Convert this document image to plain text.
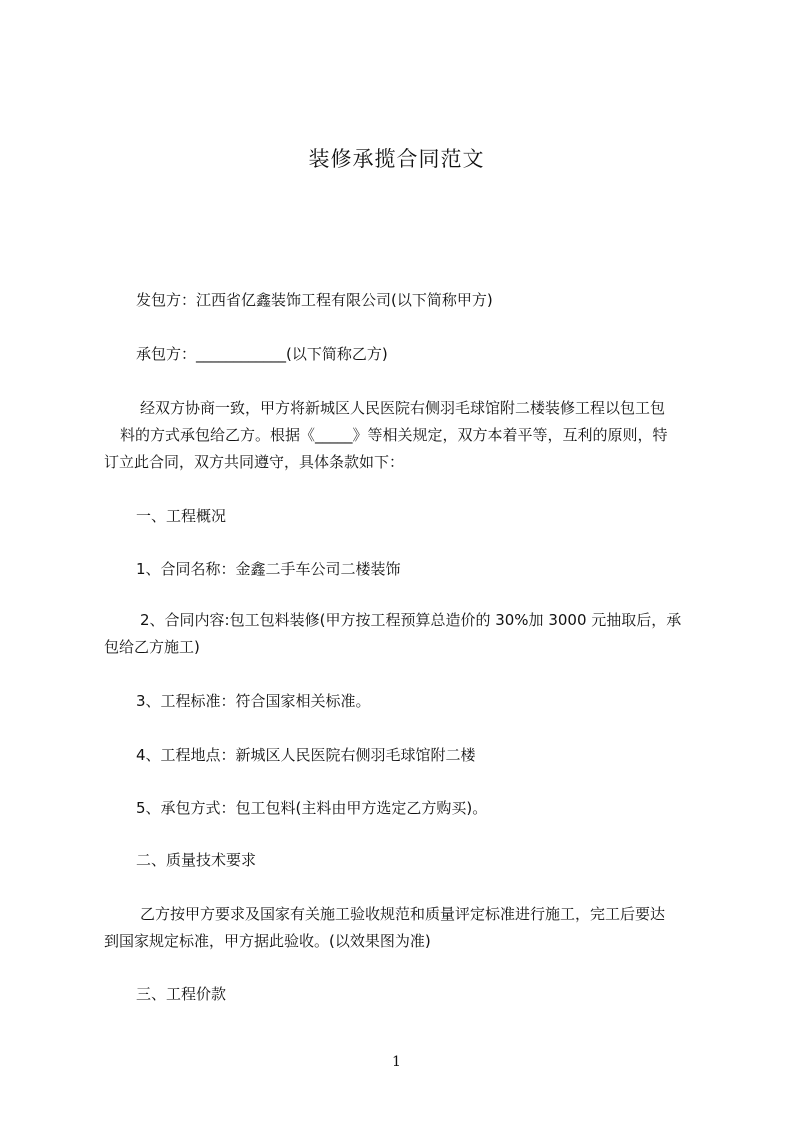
装修承揽合同范文
发包方：江西省亿鑫装饰工程有限公司(以下简称甲方)
承包方：____________(以下简称乙方)
经双方协商一致，甲方将新城区人民医院右侧羽毛球馆附二楼装修工程以包工包
料的方式承包给乙方。根据《_____》等相关规定，双方本着平等，互利的原则，特
订立此合同，双方共同遵守，具体条款如下：
一、工程概况
1、合同名称：金鑫二手车公司二楼装饰
2、合同内容:包工包料装修(甲方按工程预算总造价的 30%加 3000 元抽取后，承
包给乙方施工)
3、工程标准：符合国家相关标准。
4、工程地点：新城区人民医院右侧羽毛球馆附二楼
5、承包方式：包工包料(主料由甲方选定乙方购买)。
二、质量技术要求
乙方按甲方要求及国家有关施工验收规范和质量评定标准进行施工，完工后要达
到国家规定标准，甲方据此验收。(以效果图为准)
三、工程价款
1
